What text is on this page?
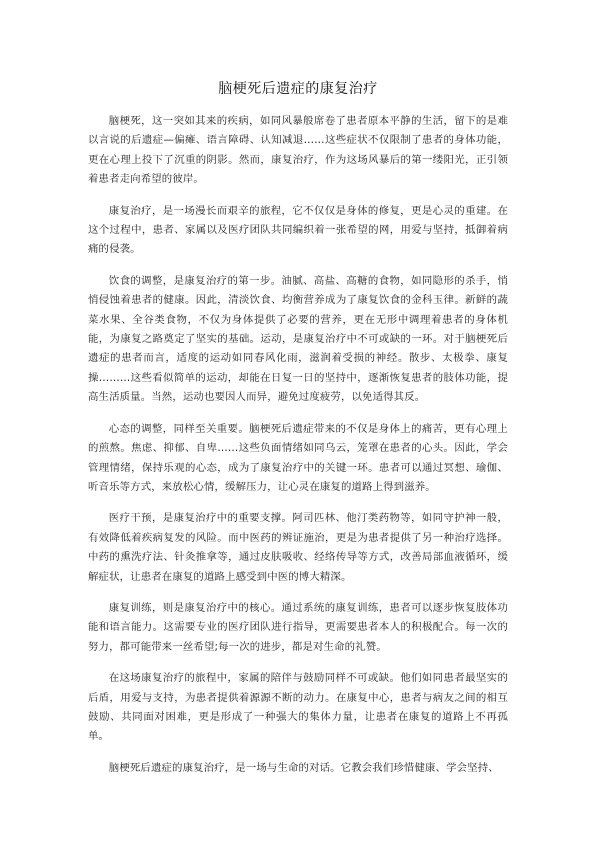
脑梗死后遗症的康复治疗

脑梗死，这一突如其来的疾病，如同风暴般席卷了患者原本平静的生活，留下的是难以言说的后遗症—偏瘫、语言障碍、认知减退……这些症状不仅限制了患者的身体功能，更在心理上投下了沉重的阴影。然而，康复治疗，作为这场风暴后的第一缕阳光，正引领着患者走向希望的彼岸。

康复治疗，是一场漫长而艰辛的旅程，它不仅仅是身体的修复，更是心灵的重建。在这个过程中，患者、家属以及医疗团队共同编织着一张希望的网，用爱与坚持，抵御着病痛的侵袭。

饮食的调整，是康复治疗的第一步。油腻、高盐、高糖的食物，如同隐形的杀手，悄悄侵蚀着患者的健康。因此，清淡饮食、均衡营养成为了康复饮食的金科玉律。新鲜的蔬菜水果、全谷类食物，不仅为身体提供了必要的营养，更在无形中调理着患者的身体机能，为康复之路奠定了坚实的基础。运动，是康复治疗中不可或缺的一环。对于脑梗死后遗症的患者而言，适度的运动如同春风化雨，滋润着受损的神经。散步、太极拳、康复操………这些看似简单的运动，却能在日复一日的坚持中，逐渐恢复患者的肢体功能，提高生活质量。当然，运动也要因人而异，避免过度疲劳，以免适得其反。

心态的调整，同样至关重要。脑梗死后遗症带来的不仅是身体上的痛苦，更有心理上的煎熬。焦虑、抑郁、自卑……这些负面情绪如同乌云，笼罩在患者的心头。因此，学会管理情绪，保持乐观的心态，成为了康复治疗中的关键一环。患者可以通过冥想、瑜伽、听音乐等方式，来放松心情，缓解压力，让心灵在康复的道路上得到滋养。

医疗干预，是康复治疗中的重要支撑。阿司匹林、他汀类药物等，如同守护神一般，有效降低着疾病复发的风险。而中医药的辨证施治，更是为患者提供了另一种治疗选择。中药的熏洗疗法、针灸推拿等，通过皮肤吸收、经络传导等方式，改善局部血液循环，缓解症状，让患者在康复的道路上感受到中医的博大精深。

康复训练，则是康复治疗中的核心。通过系统的康复训练，患者可以逐步恢复肢体功能和语言能力。这需要专业的医疗团队进行指导，更需要患者本人的积极配合。每一次的努力，都可能带来一丝希望;每一次的进步，都是对生命的礼赞。

在这场康复治疗的旅程中，家属的陪伴与鼓励同样不可或缺。他们如同患者最坚实的后盾，用爱与支持，为患者提供着源源不断的动力。在康复中心，患者与病友之间的相互鼓励、共同面对困难，更是形成了一种强大的集体力量，让患者在康复的道路上不再孤单。

脑梗死后遗症的康复治疗，是一场与生命的对话。它教会我们珍惜健康、学会坚持、
